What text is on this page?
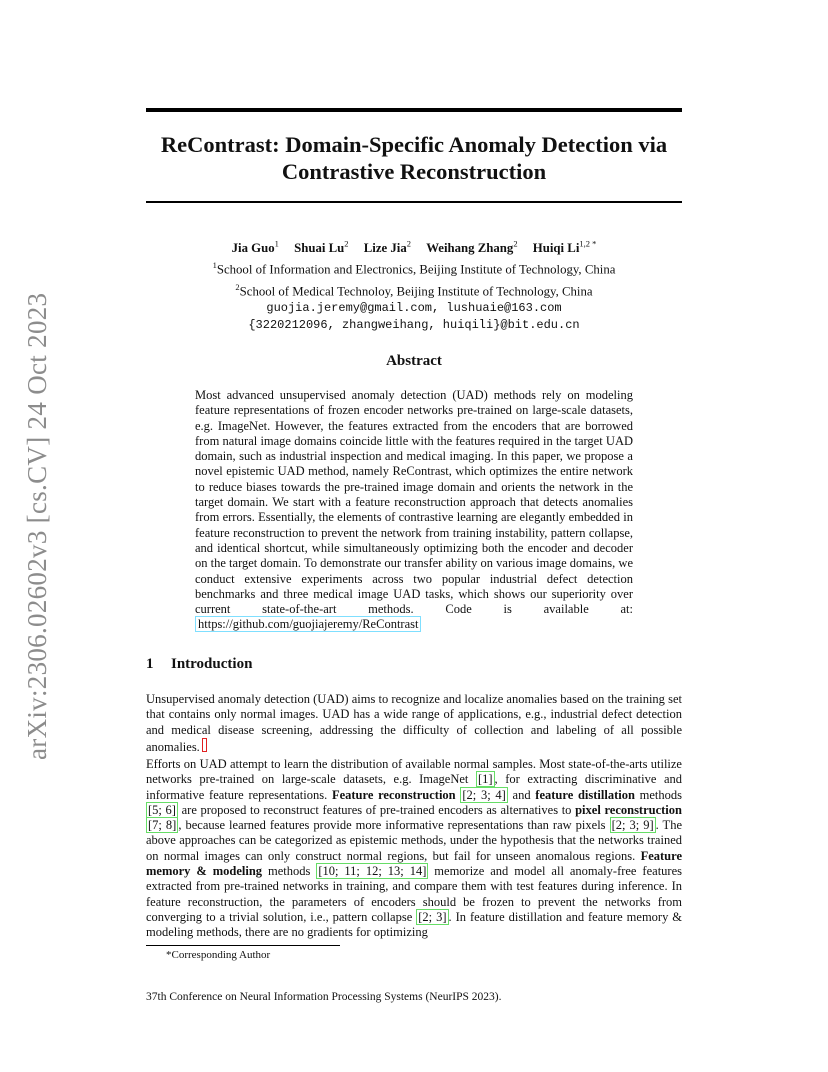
arXiv:2306.02602v3 [cs.CV] 24 Oct 2023
ReContrast: Domain-Specific Anomaly Detection via
Contrastive Reconstruction
Jia Guo$^1$ Shuai Lu$^2$ Lize Jia$^2$ Weihang Zhang$^2$ Huiqi $Li^{1,2 *}$
$^1$School of Information and Electronics, Beijing Institute of Technology, China
$^2$School of Medical Technoloy, Beijing Institute of Technology, China
guojia.jeremy@gmail.com, lushuaie@163.com
{3220212096, zhangweihang, huiqili}@bit.edu.cn
Abstract
Most advanced unsupervised anomaly detection (UAD) methods rely on modeling feature representations of frozen encoder networks pre-trained on large-scale datasets, e.g. ImageNet. However, the features extracted from the encoders that are borrowed from natural image domains coincide little with the features required in the target UAD domain, such as industrial inspection and medical imaging. In this paper, we propose a novel epistemic UAD method, namely ReContrast, which optimizes the entire network to reduce biases towards the pre-trained image domain and orients the network in the target domain. We start with a feature reconstruction approach that detects anomalies from errors. Essentially, the elements of contrastive learning are elegantly embedded in feature reconstruction to prevent the network from training instability, pattern collapse, and identical shortcut, while simultaneously optimizing both the encoder and decoder on the target domain. To demonstrate our transfer ability on various image domains, we conduct extensive experiments across two popular industrial defect detection benchmarks and three medical image UAD tasks, which shows our superiority over current state-of-the-art methods. Code is available at: https://github.com/guojiajeremy/ReContrast
1 Introduction

Unsupervised anomaly detection (UAD) aims to recognize and localize anomalies based on the training set that contains only normal images. UAD has a wide range of applications, e.g., industrial defect detection and medical disease screening, addressing the difficulty of collection and labeling of all possible anomalies.

Efforts on UAD attempt to learn the distribution of available normal samples. Most state-of-the-arts utilize networks pre-trained on large-scale datasets, e.g. ImageNet [1] , for extracting discriminative and informative feature representations. Feature reconstruction [2; 3; 4] and feature distillation methods [5; 6] are proposed to reconstruct features of pre-trained encoders as alternatives to pixel reconstruction [7; 8] , because learned features provide more informative representations than raw pixels [2; 3; 9] . The above approaches can be categorized as epistemic methods, under the hypothesis that the networks trained on normal images can only construct normal regions, but fail for unseen anomalous regions. Feature memory & modeling methods [10; 11; 12; 13; 14] memorize and model all anomaly-free features extracted from pre-trained networks in training, and compare them with test features during inference. In feature reconstruction, the parameters of encoders should be frozen to prevent the networks from converging to a trivial solution, i.e., pattern collapse [2; 3] . In feature distillation and feature memory & modeling methods, there are no gradients for optimizing

*Corresponding Author
37th Conference on Neural Information Processing Systems (NeurIPS 2023).
